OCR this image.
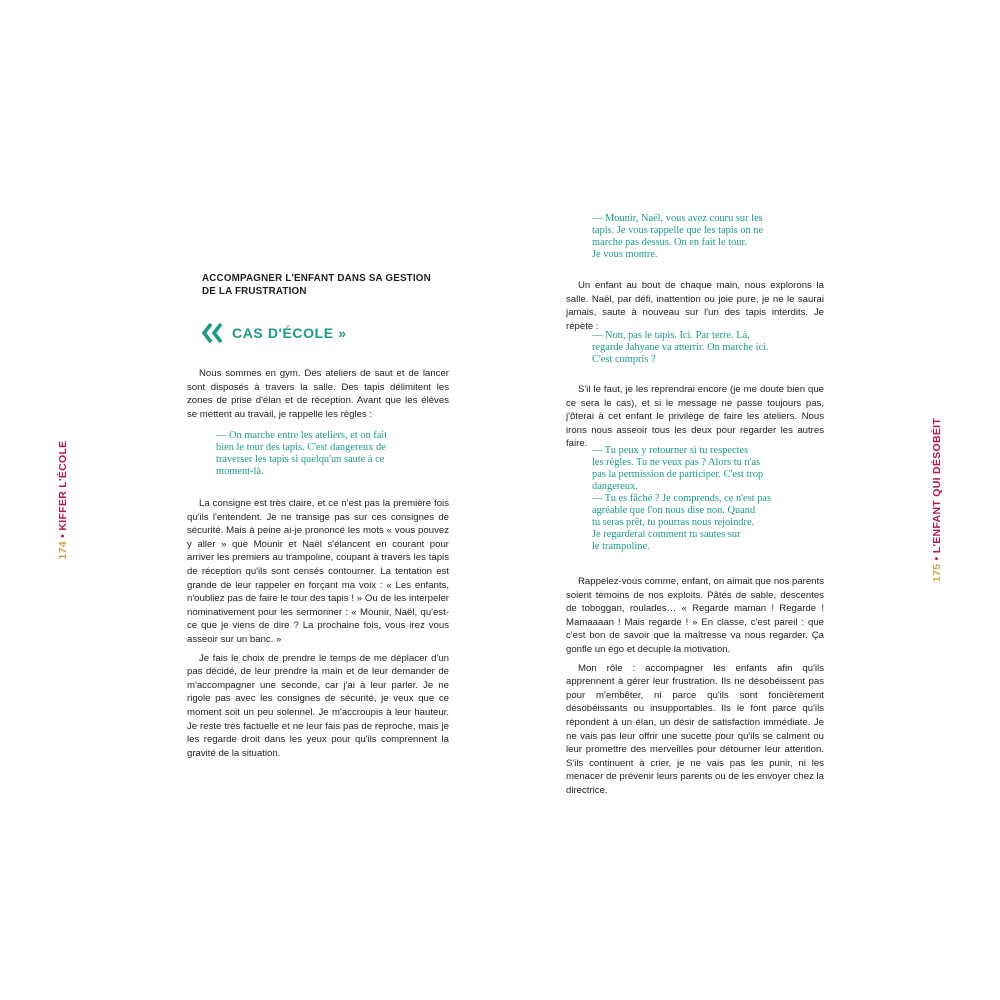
174 • KIFFER L'ÉCOLE
ACCOMPAGNER L'ENFANT DANS SA GESTION
DE LA FRUSTRATION
CAS D'ÉCOLE »

Nous sommes en gym. Des ateliers de saut et de lancer sont disposés à travers la salle. Des tapis délimitent les zones de prise d'élan et de réception. Avant que les élèves se mettent au travail, je rappelle les règles :

— On marche entre les ateliers, et on fait
bien le tour des tapis. C'est dangereux de
traverser les tapis si quelqu'un saute à ce
moment-là.

La consigne est très claire, et ce n'est pas la première fois qu'ils l'entendent. Je ne transige pas sur ces consignes de sécurité. Mais à peine ai-je prononcé les mots « vous pouvez y aller » que Mounir et Naël s'élancent en courant pour arriver les premiers au trampoline, coupant à travers les tapis de réception qu'ils sont censés contourner. La tentation est grande de leur rappeler en forçant ma voix : « Les enfants, n'oubliez pas de faire le tour des tapis ! » Ou de les interpeler nominativement pour les sermonner : « Mounir, Naël, qu'est-ce que je viens de dire ? La prochaine fois, vous irez vous asseoir sur un banc. »

Je fais le choix de prendre le temps de me déplacer d'un pas décidé, de leur prendre la main et de leur demander de m'accompagner une seconde, car j'ai à leur parler. Je ne rigole pas avec les consignes de sécurité, je veux que ce moment soit un peu solennel. Je m'accroupis à leur hauteur. Je reste très factuelle et ne leur fais pas de reproche, mais je les regarde droit dans les yeux pour qu'ils comprennent la gravité de la situation.

175 • L'ENFANT QUI DÉSOBÉIT
— Mounir, Naël, vous avez couru sur les
tapis. Je vous rappelle que les tapis on ne
marche pas dessus. On en fait le tour.
Je vous montre.

Un enfant au bout de chaque main, nous explorons la salle. Naël, par défi, inattention ou joie pure, je ne le saurai jamais, saute à nouveau sur l'un des tapis interdits. Je répète :

— Non, pas le tapis. Ici. Par terre. Là,
regarde Jahyane va atterrir. On marche ici.
C'est compris ?

S'il le faut, je les reprendrai encore (je me doute bien que ce sera le cas), et si le message ne passe toujours pas, j'ôterai à cet enfant le privilège de faire les ateliers. Nous irons nous asseoir tous les deux pour regarder les autres faire.

— Tu peux y retourner si tu respectes
les règles. Tu ne veux pas ? Alors tu n'as
pas la permission de participer. C'est trop
dangereux.
— Tu es fâché ? Je comprends, ce n'est pas
agréable que l'on nous dise non. Quand
tu seras prêt, tu pourras nous rejoindre.
Je regarderai comment tu sautes sur
le trampoline.

Rappelez-vous comme, enfant, on aimait que nos parents soient témoins de nos exploits. Pâtés de sable, descentes de toboggan, roulades… « Regarde maman ! Regarde ! Mamaaaan ! Mais regarde ! » En classe, c'est pareil : que c'est bon de savoir que la maîtresse va nous regarder. Ça gonfle un égo et décuple la motivation.

Mon rôle : accompagner les enfants afin qu'ils apprennent à gérer leur frustration. Ils ne désobéissent pas pour m'embêter, ni parce qu'ils sont foncièrement désobéissants ou insupportables. Ils le font parce qu'ils répondent à un élan, un désir de satisfaction immédiate. Je ne vais pas leur offrir une sucette pour qu'ils se calment ou leur promettre des merveilles pour détourner leur attention. S'ils continuent à crier, je ne vais pas les punir, ni les menacer de prévenir leurs parents ou de les envoyer chez la directrice.
